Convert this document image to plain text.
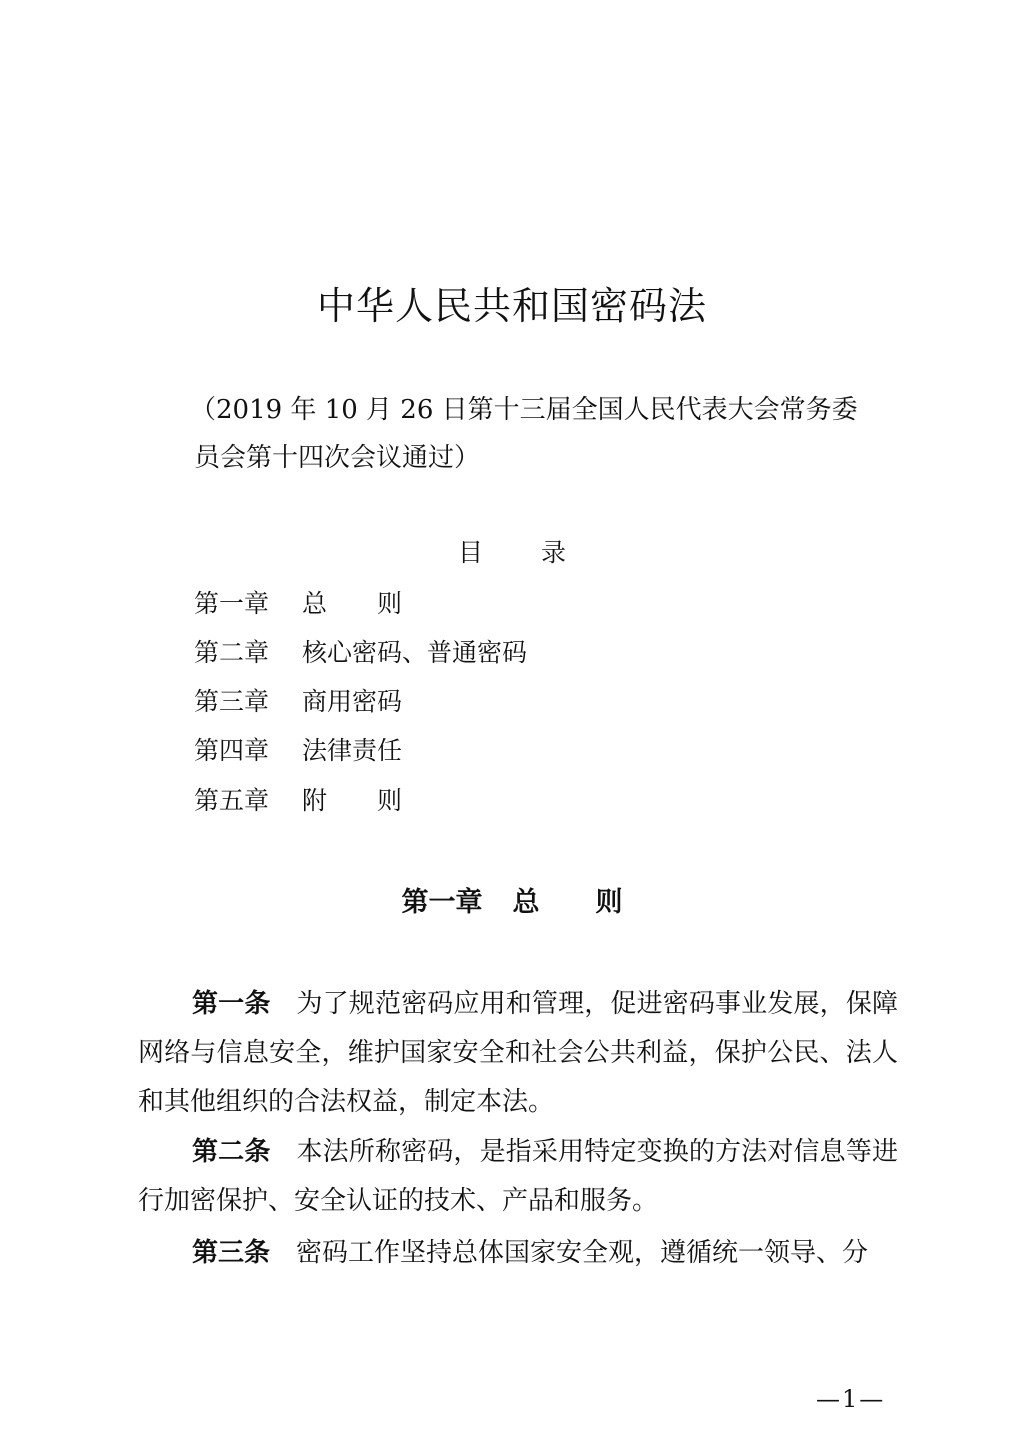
中华人民共和国密码法
（2019 年 10 月 26 日第十三届全国人民代表大会常务委
员会第十四次会议通过）
目 录
第一章	总　　则
第二章	核心密码、普通密码
第三章	商用密码
第四章	法律责任
第五章	附　　则
第一章 总 则
第一条 为了规范密码应用和管理，促进密码事业发展，保障网络与信息安全，维护国家安全和社会公共利益，保护公民、法人和其他组织的合法权益，制定本法。
第二条 本法所称密码，是指采用特定变换的方法对信息等进行加密保护、安全认证的技术、产品和服务。
第三条 密码工作坚持总体国家安全观，遵循统一领导、分
—1—
